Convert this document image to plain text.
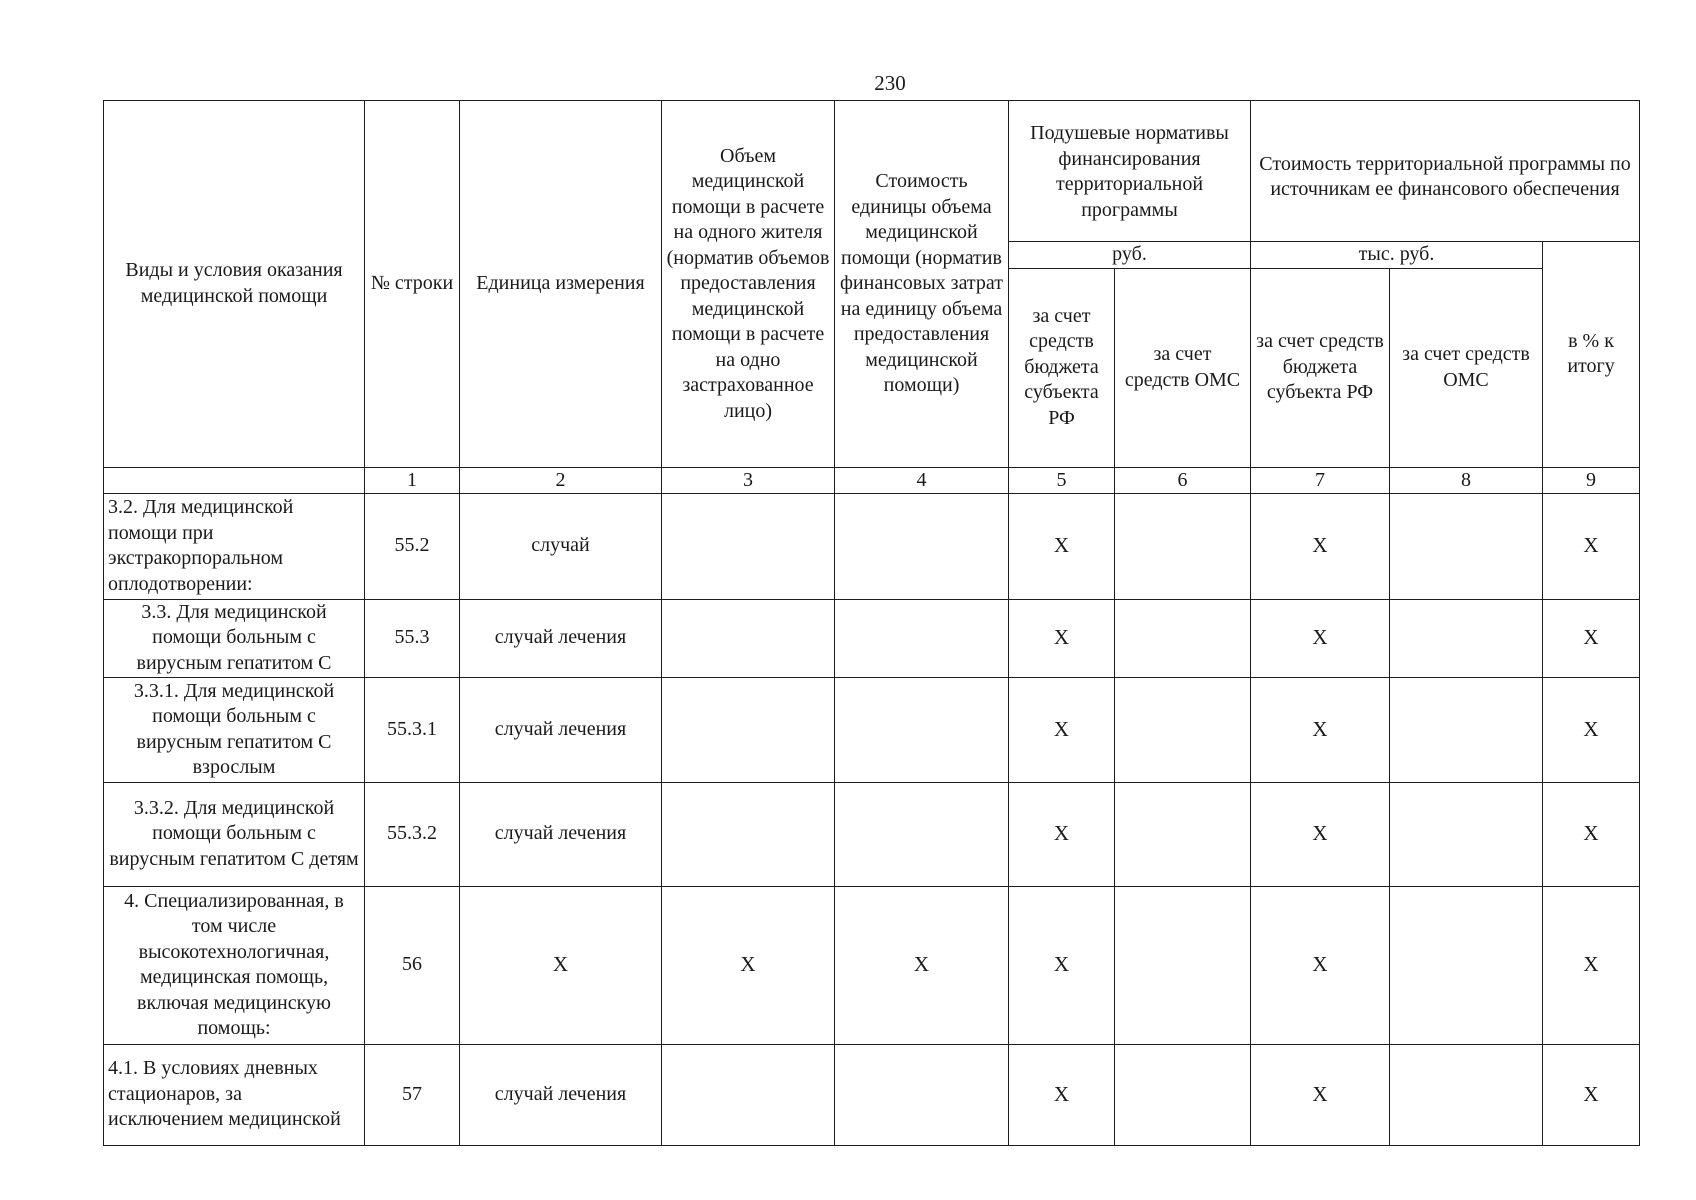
230
Виды и условия оказания медицинской помощи	№ строки	Единица измерения	Объем медицинской помощи в расчете на одного жителя (норматив объемов предоставления медицинской помощи в расчете на одно застрахованное лицо)	Стоимость единицы объема медицинской помощи (норматив финансовых затрат на единицу объема предоставления медицинской помощи)	Подушевые нормативы финансирования территориальной программы		Стоимость территориальной программы по источникам ее финансового обеспечения		
					руб.		тыс. руб.		в % к итогу
					за счет средств бюджета субъекта РФ	за счет средств ОМС	за счет средств бюджета субъекта РФ	за счет средств ОМС	
	1	2	3	4	5	6	7	8	9
3.2. Для медицинской помощи при экстракорпоральном оплодотворении:	55.2	случай			Х		Х		Х
3.3. Для медицинской помощи больным с вирусным гепатитом С	55.3	случай лечения			Х		Х		Х
3.3.1. Для медицинской помощи больным с вирусным гепатитом С взрослым	55.3.1	случай лечения			Х		Х		Х
3.3.2. Для медицинской помощи больным с вирусным гепатитом С детям	55.3.2	случай лечения			Х		Х		Х
4. Специализированная, в том числе высокотехнологичная, медицинская помощь, включая медицинскую помощь:	56	Х	Х	Х	Х		Х		Х
4.1. В условиях дневных стационаров, за исключением медицинской	57	случай лечения			Х		Х		Х
